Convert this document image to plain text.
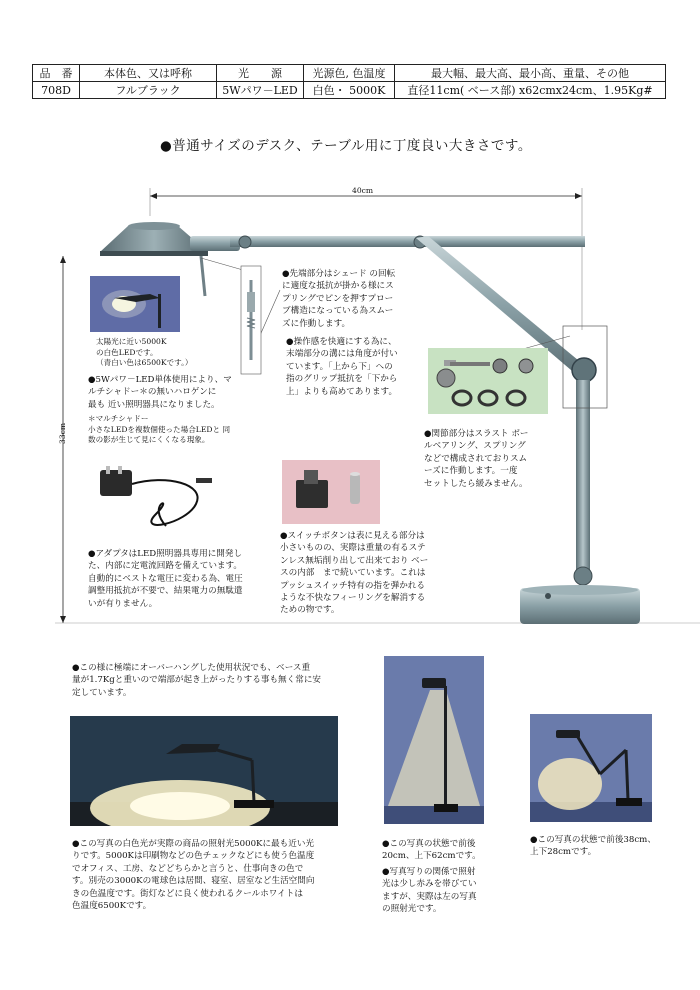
品　番	本体色、又は呼称	光　　源	光源色, 色温度	最大幅、最大高、最小高、重量、その他
708D	フルブラック	5Wパワ－LED	白色・ 5000K	直径11cm( ベース部) x62cmx24cm、1.95Kg#
●普通サイズのデスク、テーブル用に丁度良い大きさです。
太陽光に近い5000K
の白色LEDです。
（青白い色は6500Kです。）
●5Wパワ－LED単体使用により、マ
ルチシャドー＊の無いハロゲンに
最も 近い照明器具になりました。
＊マルチシャドー
小さなLEDを複数個使った場合LEDと 同
数の影が生じて見にくくなる現象。
●先端部分はシェード の回転
に適度な抵抗が掛かる様にス
プリングでピンを押すプロー
ブ構造になっている為スムー
ズに作動します。
●操作感を快適にする為に、
末端部分の溝には角度が付い
ています。「上から下」への
指のグリップ抵抗を「下から
上」よりも高めてあります。
●関節部分はスラスト ボー
ルベアリング、スプリング
などで構成されておりスム
ーズに作動します。一度
セットしたら緩みません。
●アダプタはLED照明器具専用に開発し
た、内部に定電流回路を備えています。
自動的にベストな電圧に変わる為、電圧
調整用抵抗が不要で、結果電力の無駄遣
いが有りません。
●スイッチボタンは表に見える部分は
小さいものの、実際は重量の有るステ
ンレス無垢削り出して出来ており ベー
スの内部　まで続いています。これは
プッシュスイッチ特有の指を弾かれる
ような不快なフィーリングを解消する
ための物です。
40cm
33cm
●この様に極端にオーバーハングした使用状況でも、ベース重
量が1.7Kgと重いので端部が起き上がったりする事も無く常に安
定しています。
●この写真の白色光が実際の商品の照射光5000Kに最も近い光
りです。5000Kは印刷物などの色チェックなどにも使う色温度
でオフィス、工房、などどちらかと言うと、仕事向きの色で
す。別売の3000Kの電球色は居間、寝室、居室など生活空間向
きの色温度です。街灯などに良く使われるクールホワイトは
色温度6500Kです。
●この写真の状態で前後
20cm、上下62cmです。
●写真写りの関係で照射
光は少し赤みを帯びてい
ますが、実際は左の写真
の照射光です。
●この写真の状態で前後38cm、
上下28cmです。
